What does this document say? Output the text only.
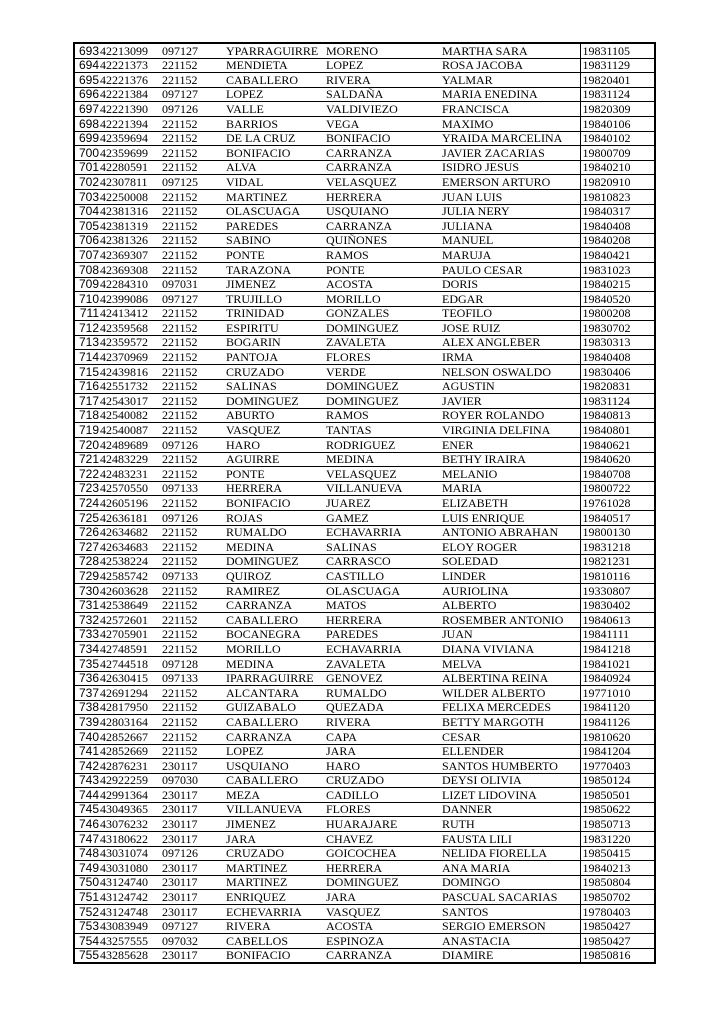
693	42213099	097127	YPARRAGUIRRE	MORENO	MARTHA SARA	19831105
694	42221373	221152	MENDIETA	LOPEZ	ROSA JACOBA	19831129
695	42221376	221152	CABALLERO	RIVERA	YALMAR	19820401
696	42221384	097127	LOPEZ	SALDAÑA	MARIA ENEDINA	19831124
697	42221390	097126	VALLE	VALDIVIEZO	FRANCISCA	19820309
698	42221394	221152	BARRIOS	VEGA	MAXIMO	19840106
699	42359694	221152	DE LA CRUZ	BONIFACIO	YRAIDA MARCELINA	19840102
700	42359699	221152	BONIFACIO	CARRANZA	JAVIER ZACARIAS	19800709
701	42280591	221152	ALVA	CARRANZA	ISIDRO JESUS	19840210
702	42307811	097125	VIDAL	VELASQUEZ	EMERSON ARTURO	19820910
703	42250008	221152	MARTINEZ	HERRERA	JUAN LUIS	19810823
704	42381316	221152	OLASCUAGA	USQUIANO	JULIA NERY	19840317
705	42381319	221152	PAREDES	CARRANZA	JULIANA	19840408
706	42381326	221152	SABINO	QUIÑONES	MANUEL	19840208
707	42369307	221152	PONTE	RAMOS	MARUJA	19840421
708	42369308	221152	TARAZONA	PONTE	PAULO CESAR	19831023
709	42284310	097031	JIMENEZ	ACOSTA	DORIS	19840215
710	42399086	097127	TRUJILLO	MORILLO	EDGAR	19840520
711	42413412	221152	TRINIDAD	GONZALES	TEOFILO	19800208
712	42359568	221152	ESPIRITU	DOMINGUEZ	JOSE RUIZ	19830702
713	42359572	221152	BOGARIN	ZAVALETA	ALEX ANGLEBER	19830313
714	42370969	221152	PANTOJA	FLORES	IRMA	19840408
715	42439816	221152	CRUZADO	VERDE	NELSON OSWALDO	19830406
716	42551732	221152	SALINAS	DOMINGUEZ	AGUSTIN	19820831
717	42543017	221152	DOMINGUEZ	DOMINGUEZ	JAVIER	19831124
718	42540082	221152	ABURTO	RAMOS	ROYER ROLANDO	19840813
719	42540087	221152	VASQUEZ	TANTAS	VIRGINIA DELFINA	19840801
720	42489689	097126	HARO	RODRIGUEZ	ENER	19840621
721	42483229	221152	AGUIRRE	MEDINA	BETHY IRAIRA	19840620
722	42483231	221152	PONTE	VELASQUEZ	MELANIO	19840708
723	42570550	097133	HERRERA	VILLANUEVA	MARIA	19800722
724	42605196	221152	BONIFACIO	JUAREZ	ELIZABETH	19761028
725	42636181	097126	ROJAS	GAMEZ	LUIS ENRIQUE	19840517
726	42634682	221152	RUMALDO	ECHAVARRIA	ANTONIO ABRAHAN	19800130
727	42634683	221152	MEDINA	SALINAS	ELOY ROGER	19831218
728	42538224	221152	DOMINGUEZ	CARRASCO	SOLEDAD	19821231
729	42585742	097133	QUIROZ	CASTILLO	LINDER	19810116
730	42603628	221152	RAMIREZ	OLASCUAGA	AURIOLINA	19330807
731	42538649	221152	CARRANZA	MATOS	ALBERTO	19830402
732	42572601	221152	CABALLERO	HERRERA	ROSEMBER ANTONIO	19840613
733	42705901	221152	BOCANEGRA	PAREDES	JUAN	19841111
734	42748591	221152	MORILLO	ECHAVARRIA	DIANA VIVIANA	19841218
735	42744518	097128	MEDINA	ZAVALETA	MELVA	19841021
736	42630415	097133	IPARRAGUIRRE	GENOVEZ	ALBERTINA REINA	19840924
737	42691294	221152	ALCANTARA	RUMALDO	WILDER ALBERTO	19771010
738	42817950	221152	GUIZABALO	QUEZADA	FELIXA MERCEDES	19841120
739	42803164	221152	CABALLERO	RIVERA	BETTY MARGOTH	19841126
740	42852667	221152	CARRANZA	CAPA	CESAR	19810620
741	42852669	221152	LOPEZ	JARA	ELLENDER	19841204
742	42876231	230117	USQUIANO	HARO	SANTOS HUMBERTO	19770403
743	42922259	097030	CABALLERO	CRUZADO	DEYSI OLIVIA	19850124
744	42991364	230117	MEZA	CADILLO	LIZET LIDOVINA	19850501
745	43049365	230117	VILLANUEVA	FLORES	DANNER	19850622
746	43076232	230117	JIMENEZ	HUARAJARE	RUTH	19850713
747	43180622	230117	JARA	CHAVEZ	FAUSTA LILI	19831220
748	43031074	097126	CRUZADO	GOICOCHEA	NELIDA FIORELLA	19850415
749	43031080	230117	MARTINEZ	HERRERA	ANA MARIA	19840213
750	43124740	230117	MARTINEZ	DOMINGUEZ	DOMINGO	19850804
751	43124742	230117	ENRIQUEZ	JARA	PASCUAL SACARIAS	19850702
752	43124748	230117	ECHEVARRIA	VASQUEZ	SANTOS	19780403
753	43083949	097127	RIVERA	ACOSTA	SERGIO EMERSON	19850427
754	43257555	097032	CABELLOS	ESPINOZA	ANASTACIA	19850427
755	43285628	230117	BONIFACIO	CARRANZA	DIAMIRE	19850816
